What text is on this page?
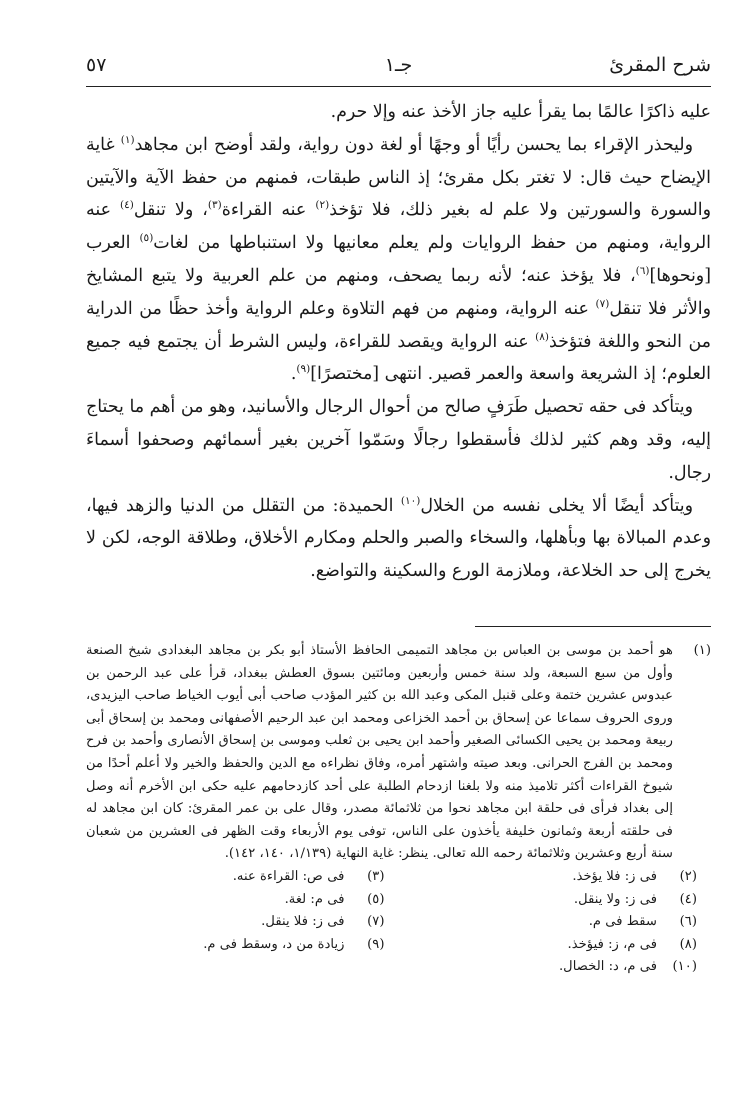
شرح المقرئ
جـ١
٥٧

عليه ذاكرًا عالمًا بما يقرأ عليه جاز الأخذ عنه وإلا حرم.

وليحذر الإقراء بما يحسن رأيًا أو وجهًا أو لغة دون رواية، ولقد أوضح ابن مجاهد$^{(١)}$ غاية الإيضاح حيث قال: لا تغتر بكل مقرئ؛ إذ الناس طبقات، فمنهم من حفظ الآية والآيتين والسورة والسورتين ولا علم له بغير ذلك، فلا تؤخذ$^{(٢)}$ عنه القراءة$^{(٣)}$، ولا تنقل$^{(٤)}$ عنه الرواية، ومنهم من حفظ الروايات ولم يعلم معانيها ولا استنباطها من لغات$^{(٥)}$ العرب [ونحوها]$^{(٦)}$، فلا يؤخذ عنه؛ لأنه ربما يصحف، ومنهم من علم العربية ولا يتبع المشايخ والأثر فلا تنقل$^{(٧)}$ عنه الرواية، ومنهم من فهم التلاوة وعلم الرواية وأخذ حظًا من الدراية من النحو واللغة فتؤخذ$^{(٨)}$ عنه الرواية ويقصد للقراءة، وليس الشرط أن يجتمع فيه جميع العلوم؛ إذ الشريعة واسعة والعمر قصير. انتهى [مختصرًا]$^{(٩)}$.

ويتأكد فى حقه تحصيل طَرَفٍ صالح من أحوال الرجال والأسانيد، وهو من أهم ما يحتاج إليه، وقد وهم كثير لذلك فأسقطوا رجالًا وسَمّوا آخرين بغير أسمائهم وصحفوا أسماءَ رجال.

ويتأكد أيضًا ألا يخلى نفسه من الخلال$^{(١٠)}$ الحميدة: من التقلل من الدنيا والزهد فيها، وعدم المبالاة بها وبأهلها، والسخاء والصبر والحلم ومكارم الأخلاق، وطلاقة الوجه، لكن لا يخرج إلى حد الخلاعة، وملازمة الورع والسكينة والتواضع.

(١)
هو أحمد بن موسى بن العباس بن مجاهد التميمى الحافظ الأستاذ أبو بكر بن مجاهد البغدادى شيخ الصنعة وأول من سبع السبعة، ولد سنة خمس وأربعين ومائتين بسوق العطش ببغداد، قرأ على عبد الرحمن بن عبدوس عشرين ختمة وعلى قنبل المكى وعبد الله بن كثير المؤدب صاحب أبى أيوب الخياط صاحب اليزيدى، وروى الحروف سماعا عن إسحاق بن أحمد الخزاعى ومحمد ابن عبد الرحيم الأصفهانى ومحمد بن إسحاق أبى ربيعة ومحمد بن يحيى الكسائى الصغير وأحمد ابن يحيى بن ثعلب وموسى بن إسحاق الأنصارى وأحمد بن فرح ومحمد بن الفرج الحرانى. وبعد صيته واشتهر أمره، وفاق نظراءه مع الدين والحفظ والخير ولا أعلم أحدًا من شيوخ القراءات أكثر تلاميذ منه ولا بلغنا ازدحام الطلبة على أحد كازدحامهم عليه حكى ابن الأخرم أنه وصل إلى بغداد فرأى فى حلقة ابن مجاهد نحوا من ثلاثمائة مصدر، وقال على بن عمر المقرئ: كان ابن مجاهد له فى حلقته أربعة وثمانون خليفة يأخذون على الناس، توفى يوم الأربعاء وقت الظهر فى العشرين من شعبان سنة أربع وعشرين وثلاثمائة رحمه الله تعالى. ينظر: غاية النهاية (١/١٣٩، ١٤٠، ١٤٢).
(٢)
فى ز: فلا يؤخذ.
(٣)
فى ص: القراءة عنه.
(٤)
فى ز: ولا ينقل.
(٥)
فى م: لغة.
(٦)
سقط فى م.
(٧)
فى ز: فلا ينقل.
(٨)
فى م، ز: فيؤخذ.
(٩)
زيادة من د، وسقط فى م.
(١٠)
فى م، د: الخصال.
